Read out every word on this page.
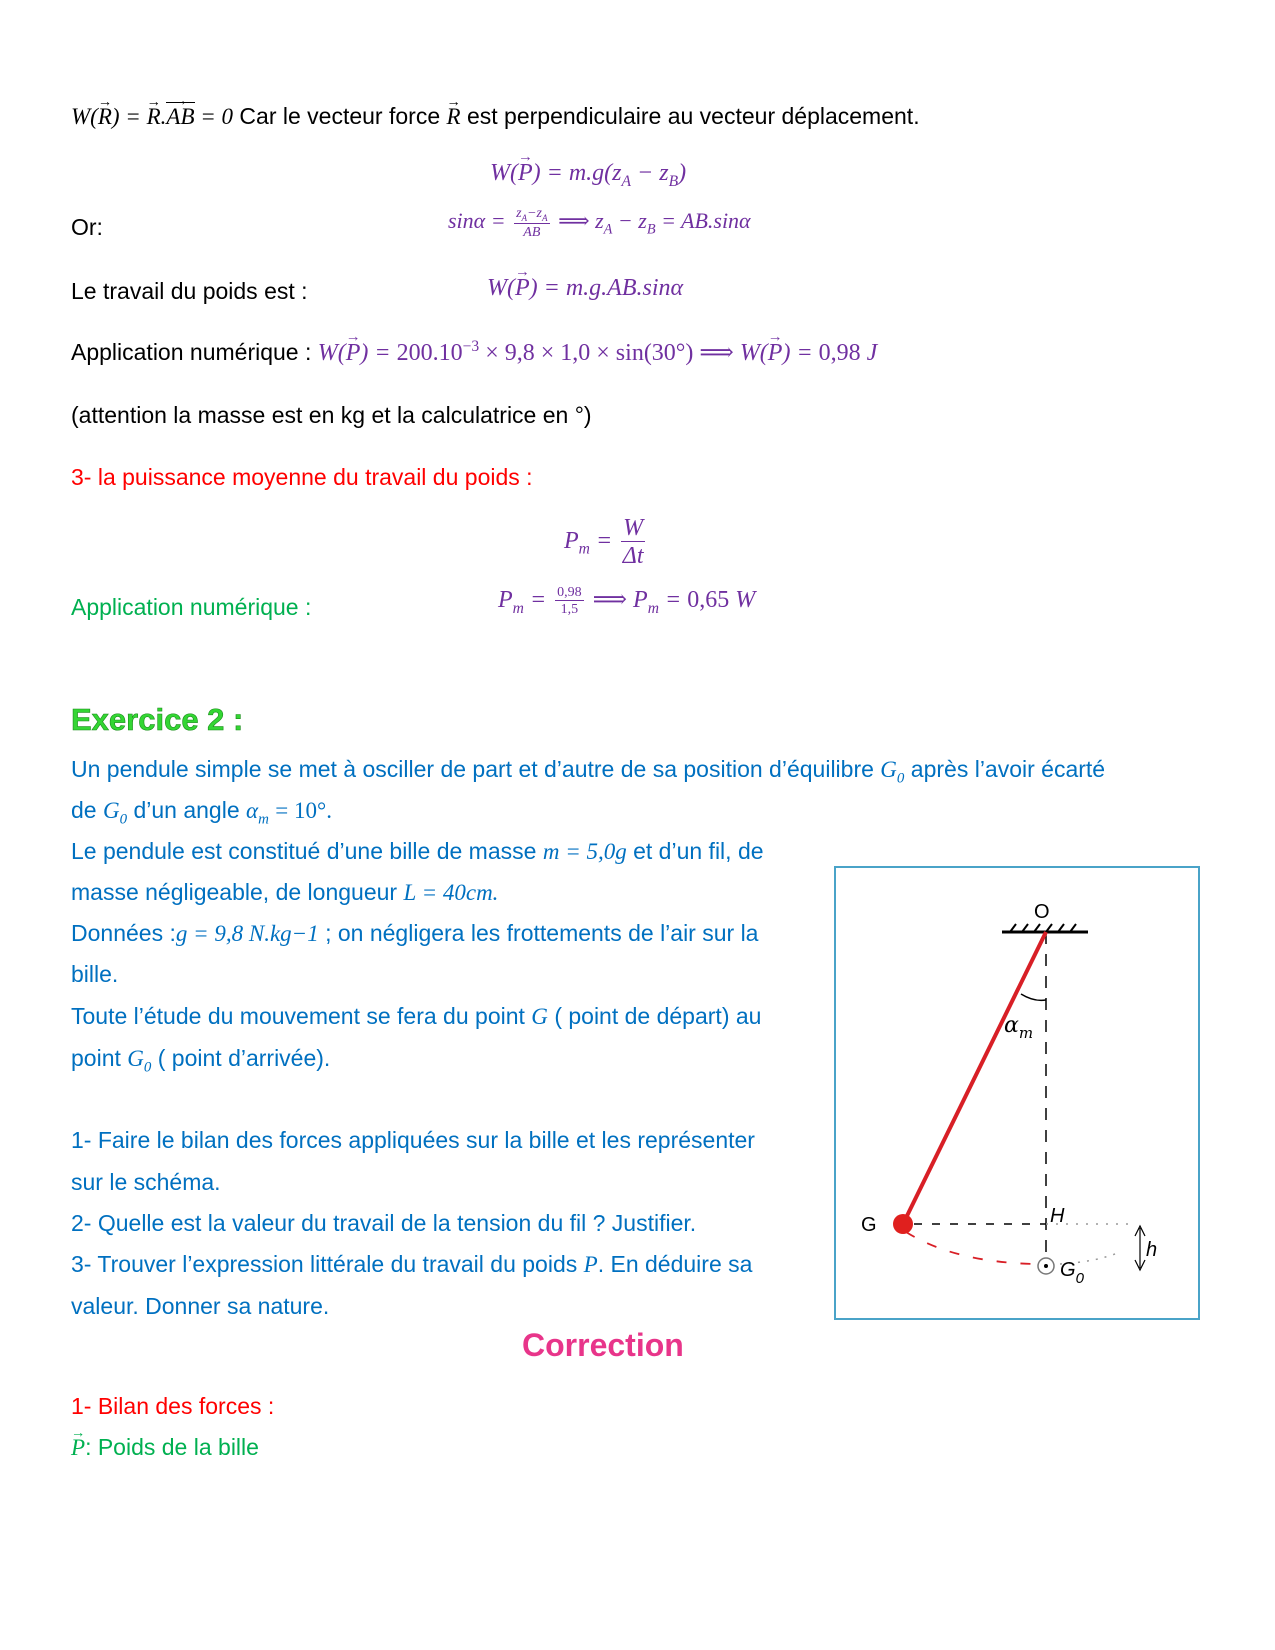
W(→ R) = → R.→ AB = 0 Car le vecteur force → R est perpendiculaire au vecteur déplacement.
$W(\to P) = m.g(z_A - z_B)$
Or:	$\sin\alpha = \frac{z_A-z_A}{AB}$ ⟹ $z_A - z_B = AB.\sin\alpha$
Le travail du poids est :	W(→ P) = m.g.AB.sinα
Application numérique : $W(\to P) = 200.10^{-3} \times 9,8 \times 1,0 \times \sin(30^\circ)$ ⟹ W(→ P) = 0,98 J
(attention la masse est en kg et la calculatrice en °)
3- la puissance moyenne du travail du poids :
$P_m = \frac{W}{\Delta t}$
Application numérique :	$P_m = \frac{0,98}{1,5}$ ⟹ $P_m = 0,65$ W
Exercice 2 :
Un pendule simple se met à osciller de part et d’autre de sa position d’équilibre $G_0$ après l’avoir écarté
de $G_0$ d’un angle $\alpha_m = 10^\circ$.
Le pendule est constitué d’une bille de masse m = 5,0g et d’un fil, de
masse négligeable, de longueur L = 40cm.
Données :g = 9,8 N.kg−1 ; on négligera les frottements de l’air sur la
bille.
Toute l’étude du mouvement se fera du point G ( point de départ) au
point $G_0$ ( point d’arrivée).
1- Faire le bilan des forces appliquées sur la bille et les représenter
sur le schéma.
2- Quelle est la valeur du travail de la tension du fil ? Justifier.
3- Trouver l’expression littérale du travail du poids P. En déduire sa
valeur. Donner sa nature.
O
$\alpha_m$
G	H
$G_0$
h
Correction
1- Bilan des forces :
→ P: Poids de la bille
